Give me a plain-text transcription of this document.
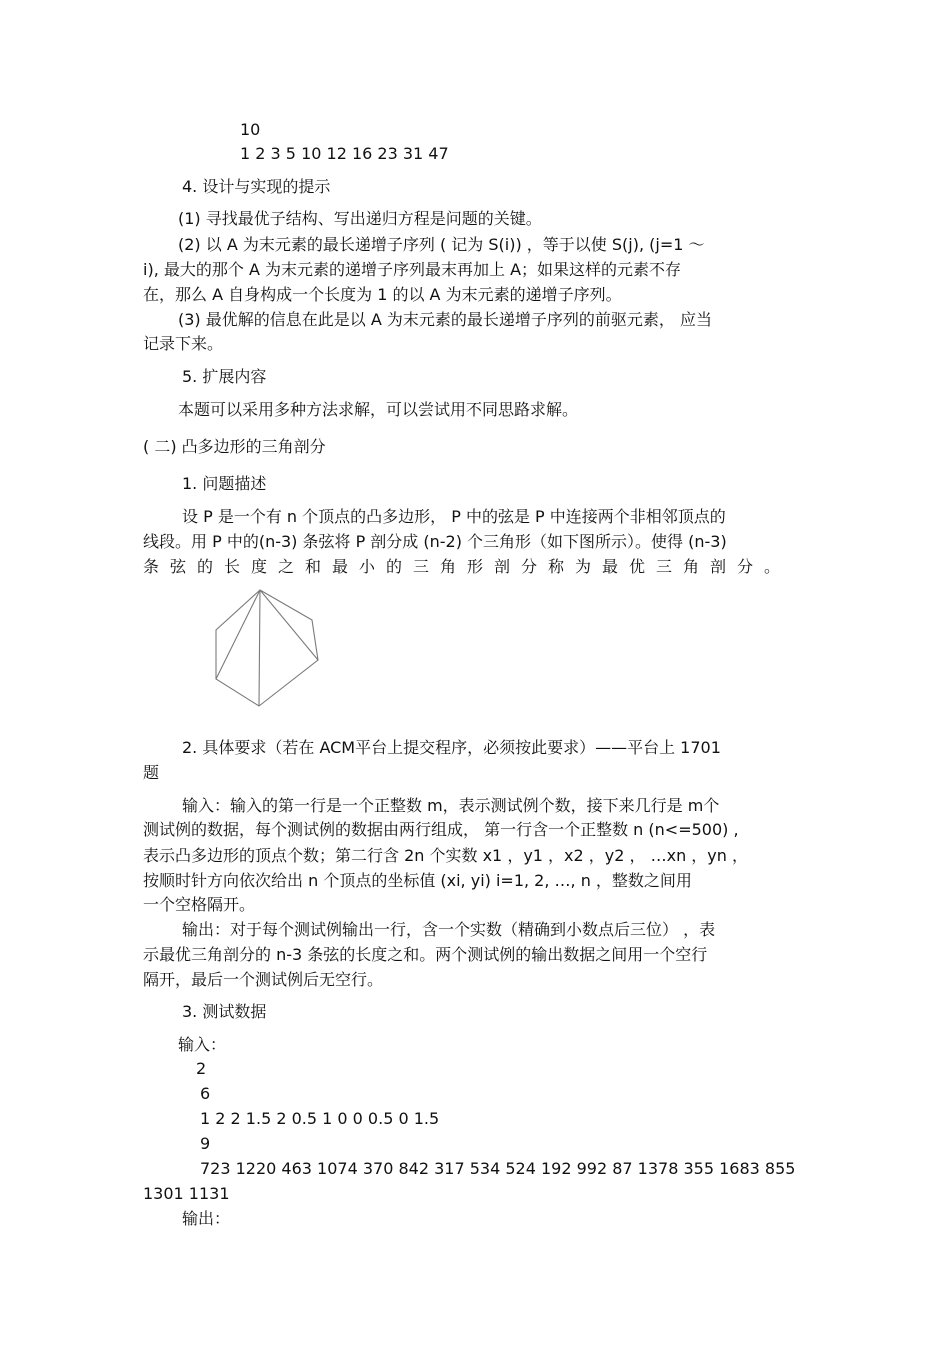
10

1 2 3 5 10 12 16 23 31 47

4. 设计与实现的提示

(1) 寻找最优子结构、写出递归方程是问题的关键。

(2) 以 A 为末元素的最长递增子序列 ( 记为 S(i)) ，等于以使 S(j), (j=1 ～

i), 最大的那个 A 为末元素的递增子序列最末再加上 A；如果这样的元素不存

在，那么 A 自身构成一个长度为 1 的以 A 为末元素的递增子序列。

(3) 最优解的信息在此是以 A 为末元素的最长递增子序列的前驱元素， 应当

记录下来。

5. 扩展内容

本题可以采用多种方法求解，可以尝试用不同思路求解。

( 二) 凸多边形的三角剖分

1. 问题描述

设 P 是一个有 n 个顶点的凸多边形， P 中的弦是 P 中连接两个非相邻顶点的

线段。用 P 中的(n-3) 条弦将 P 剖分成 (n-2) 个三角形（如下图所示）。使得 (n-3)

条弦的长度之和最小的三角形剖分称为最优三角剖分。

2. 具体要求（若在 ACM平台上提交程序，必须按此要求）——平台上 1701

题

输入：输入的第一行是一个正整数 m，表示测试例个数，接下来几行是 m个

测试例的数据，每个测试例的数据由两行组成， 第一行含一个正整数 n (n<=500) ,

表示凸多边形的顶点个数；第二行含 2n 个实数 x1 ，y1 ，x2 ，y2 ， …xn ，yn ，

按顺时针方向依次给出 n 个顶点的坐标值 (xi, yi) i=1, 2, …, n ，整数之间用

一个空格隔开。

输出：对于每个测试例输出一行，含一个实数（精确到小数点后三位） ，表

示最优三角剖分的 n-3 条弦的长度之和。两个测试例的输出数据之间用一个空行

隔开，最后一个测试例后无空行。

3. 测试数据

输入：

2

6

1 2 2 1.5 2 0.5 1 0 0 0.5 0 1.5

9

723 1220 463 1074 370 842 317 534 524 192 992 87 1378 355 1683 855

1301 1131

输出：
